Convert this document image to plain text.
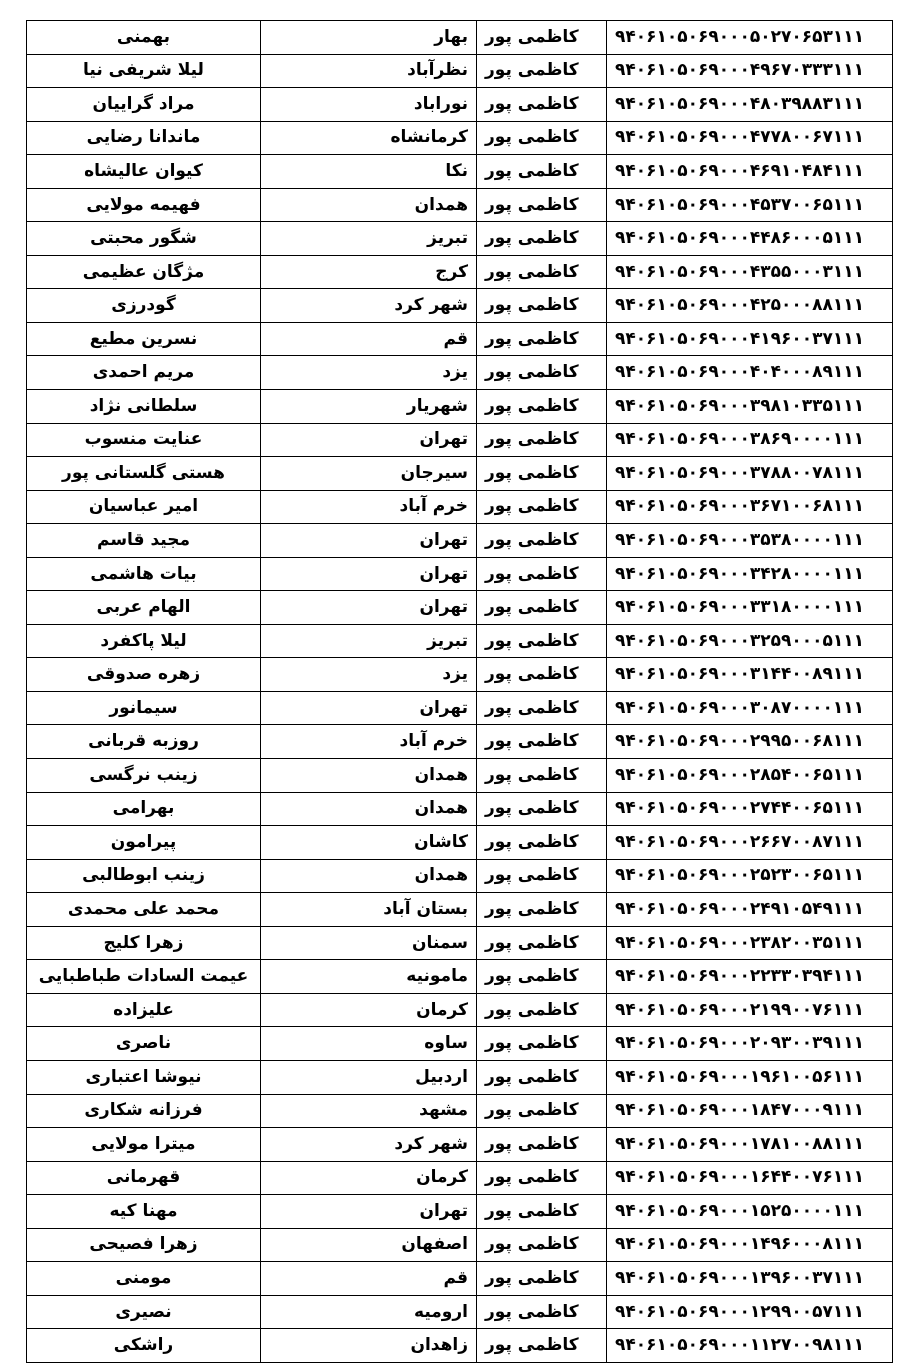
بهمنی	بهار	کاظمی پور	۹۴۰۶۱۰۵۰۶۹۰۰۰۵۰۲۷۰۶۵۳۱۱۱
لیلا شریفی نیا	نظرآباد	کاظمی پور	۹۴۰۶۱۰۵۰۶۹۰۰۰۴۹۶۷۰۳۳۳۱۱۱
مراد گراییان	نوراباد	کاظمی پور	۹۴۰۶۱۰۵۰۶۹۰۰۰۴۸۰۳۹۸۸۳۱۱۱
ماندانا رضایی	کرمانشاه	کاظمی پور	۹۴۰۶۱۰۵۰۶۹۰۰۰۴۷۷۸۰۰۶۷۱۱۱
کیوان عالیشاه	نکا	کاظمی پور	۹۴۰۶۱۰۵۰۶۹۰۰۰۴۶۹۱۰۴۸۴۱۱۱
فهیمه مولایی	همدان	کاظمی پور	۹۴۰۶۱۰۵۰۶۹۰۰۰۴۵۳۷۰۰۶۵۱۱۱
شگور محبتی	تبریز	کاظمی پور	۹۴۰۶۱۰۵۰۶۹۰۰۰۴۴۸۶۰۰۰۵۱۱۱
مژگان عظیمی	کرج	کاظمی پور	۹۴۰۶۱۰۵۰۶۹۰۰۰۴۳۵۵۰۰۰۳۱۱۱
گودرزی	شهر کرد	کاظمی پور	۹۴۰۶۱۰۵۰۶۹۰۰۰۴۲۵۰۰۰۸۸۱۱۱
نسرین مطیع	قم	کاظمی پور	۹۴۰۶۱۰۵۰۶۹۰۰۰۴۱۹۶۰۰۳۷۱۱۱
مریم احمدی	یزد	کاظمی پور	۹۴۰۶۱۰۵۰۶۹۰۰۰۴۰۴۰۰۰۸۹۱۱۱
سلطانی نژاد	شهریار	کاظمی پور	۹۴۰۶۱۰۵۰۶۹۰۰۰۳۹۸۱۰۳۳۵۱۱۱
عنایت منسوب	تهران	کاظمی پور	۹۴۰۶۱۰۵۰۶۹۰۰۰۳۸۶۹۰۰۰۰۱۱۱
هستی گلستانی پور	سیرجان	کاظمی پور	۹۴۰۶۱۰۵۰۶۹۰۰۰۳۷۸۸۰۰۷۸۱۱۱
امیر عباسیان	خرم آباد	کاظمی پور	۹۴۰۶۱۰۵۰۶۹۰۰۰۳۶۷۱۰۰۶۸۱۱۱
مجید قاسم	تهران	کاظمی پور	۹۴۰۶۱۰۵۰۶۹۰۰۰۳۵۳۸۰۰۰۰۱۱۱
بیات هاشمی	تهران	کاظمی پور	۹۴۰۶۱۰۵۰۶۹۰۰۰۳۴۲۸۰۰۰۰۱۱۱
الهام عربی	تهران	کاظمی پور	۹۴۰۶۱۰۵۰۶۹۰۰۰۳۳۱۸۰۰۰۰۱۱۱
لیلا پاکفرد	تبریز	کاظمی پور	۹۴۰۶۱۰۵۰۶۹۰۰۰۳۲۵۹۰۰۰۵۱۱۱
زهره صدوقی	یزد	کاظمی پور	۹۴۰۶۱۰۵۰۶۹۰۰۰۳۱۴۴۰۰۸۹۱۱۱
سیمانور	تهران	کاظمی پور	۹۴۰۶۱۰۵۰۶۹۰۰۰۳۰۸۷۰۰۰۰۱۱۱
روزبه قربانی	خرم آباد	کاظمی پور	۹۴۰۶۱۰۵۰۶۹۰۰۰۲۹۹۵۰۰۶۸۱۱۱
زینب نرگسی	همدان	کاظمی پور	۹۴۰۶۱۰۵۰۶۹۰۰۰۲۸۵۴۰۰۶۵۱۱۱
بهرامی	همدان	کاظمی پور	۹۴۰۶۱۰۵۰۶۹۰۰۰۲۷۴۴۰۰۶۵۱۱۱
پیرامون	کاشان	کاظمی پور	۹۴۰۶۱۰۵۰۶۹۰۰۰۲۶۶۷۰۰۸۷۱۱۱
زینب ابوطالبی	همدان	کاظمی پور	۹۴۰۶۱۰۵۰۶۹۰۰۰۲۵۲۳۰۰۶۵۱۱۱
محمد علی محمدی	بستان آباد	کاظمی پور	۹۴۰۶۱۰۵۰۶۹۰۰۰۲۴۹۱۰۵۴۹۱۱۱
زهرا کلیج	سمنان	کاظمی پور	۹۴۰۶۱۰۵۰۶۹۰۰۰۲۳۸۲۰۰۳۵۱۱۱
عیمت السادات طباطبایی	مامونیه	کاظمی پور	۹۴۰۶۱۰۵۰۶۹۰۰۰۲۲۳۳۰۳۹۴۱۱۱
علیزاده	کرمان	کاظمی پور	۹۴۰۶۱۰۵۰۶۹۰۰۰۲۱۹۹۰۰۷۶۱۱۱
ناصری	ساوه	کاظمی پور	۹۴۰۶۱۰۵۰۶۹۰۰۰۲۰۹۳۰۰۳۹۱۱۱
نیوشا اعتباری	اردبیل	کاظمی پور	۹۴۰۶۱۰۵۰۶۹۰۰۰۱۹۶۱۰۰۵۶۱۱۱
فرزانه شکاری	مشهد	کاظمی پور	۹۴۰۶۱۰۵۰۶۹۰۰۰۱۸۴۷۰۰۰۹۱۱۱
میترا مولایی	شهر کرد	کاظمی پور	۹۴۰۶۱۰۵۰۶۹۰۰۰۱۷۸۱۰۰۸۸۱۱۱
قهرمانی	کرمان	کاظمی پور	۹۴۰۶۱۰۵۰۶۹۰۰۰۱۶۴۴۰۰۷۶۱۱۱
مهنا کیه	تهران	کاظمی پور	۹۴۰۶۱۰۵۰۶۹۰۰۰۱۵۲۵۰۰۰۰۱۱۱
زهرا فصیحی	اصفهان	کاظمی پور	۹۴۰۶۱۰۵۰۶۹۰۰۰۱۴۹۶۰۰۰۸۱۱۱
مومنی	قم	کاظمی پور	۹۴۰۶۱۰۵۰۶۹۰۰۰۱۳۹۶۰۰۳۷۱۱۱
نصیری	ارومیه	کاظمی پور	۹۴۰۶۱۰۵۰۶۹۰۰۰۱۲۹۹۰۰۵۷۱۱۱
راشکی	زاهدان	کاظمی پور	۹۴۰۶۱۰۵۰۶۹۰۰۰۱۱۲۷۰۰۹۸۱۱۱
